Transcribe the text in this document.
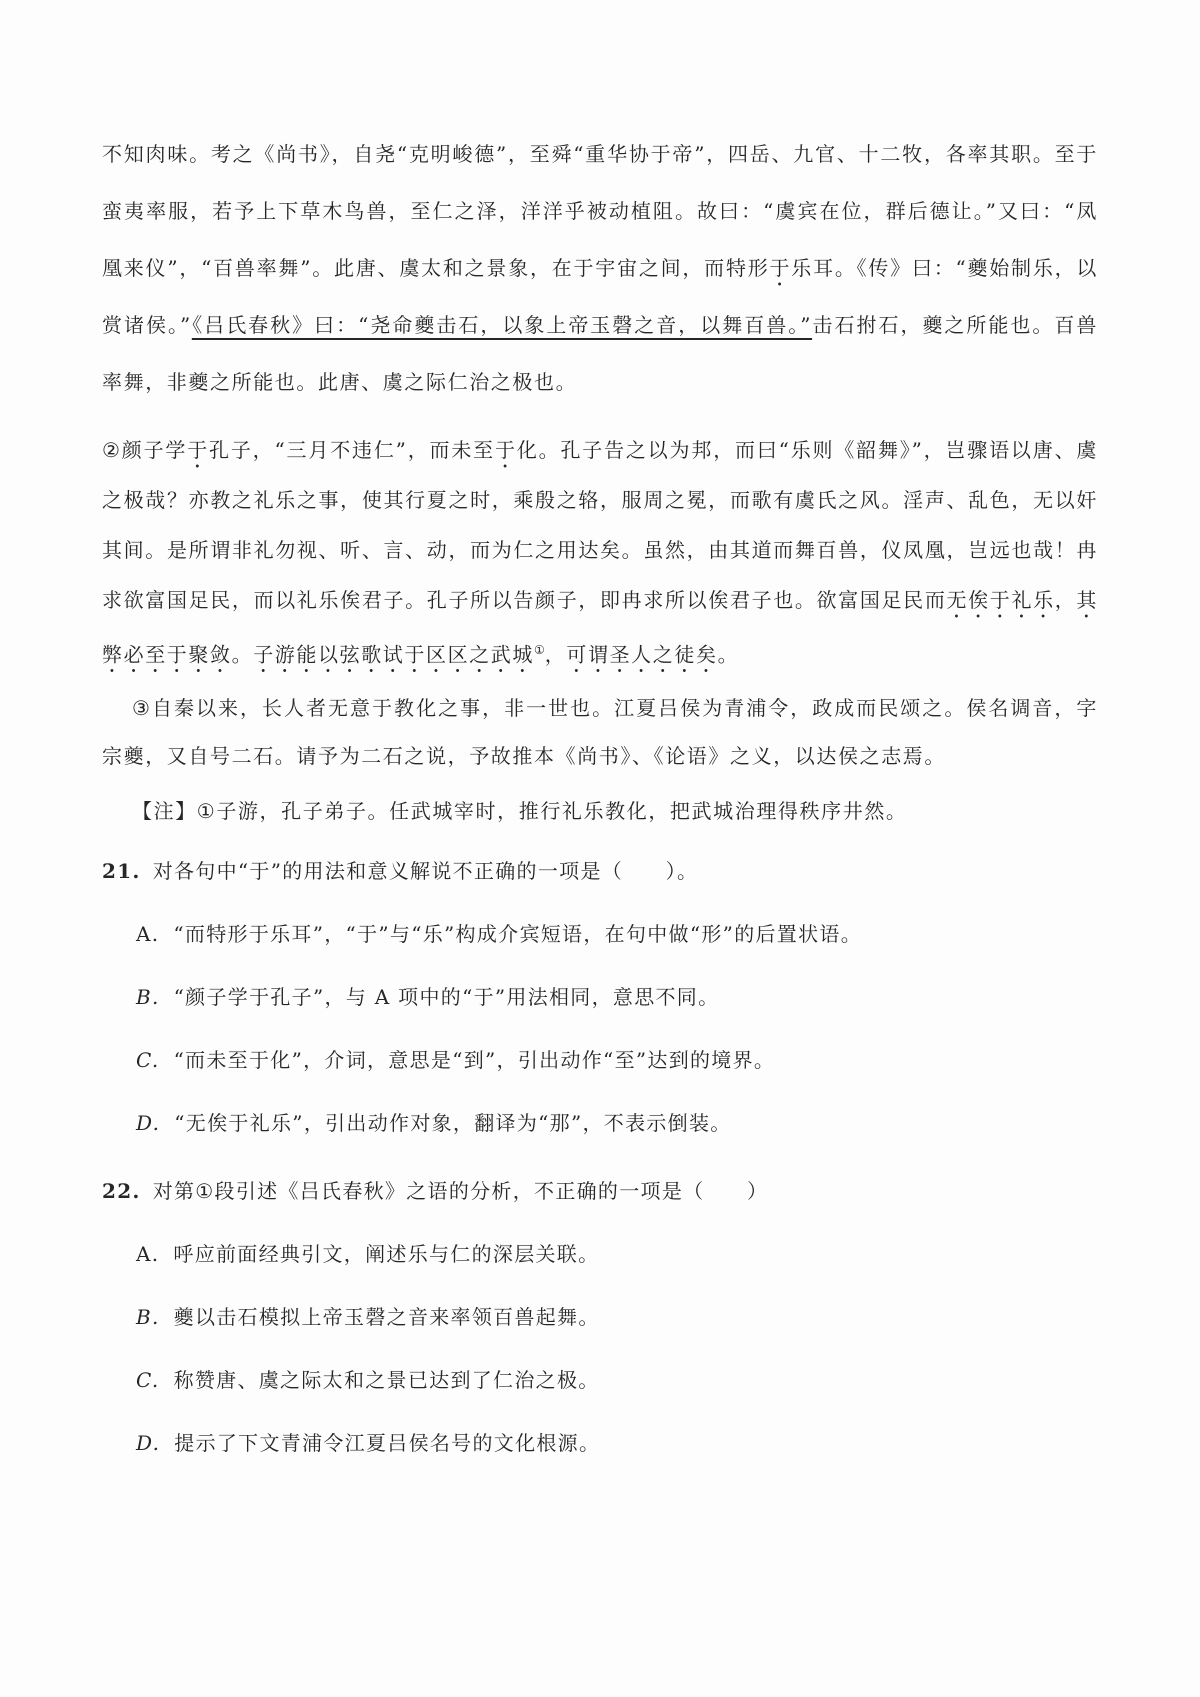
不知肉味。考之《尚书》，自尧“克明峻德”，至舜“重华协于帝”，四岳、九官、十二牧，各率其职。至于蛮夷率服，若予上下草木鸟兽，至仁之泽，洋洋乎被动植阻。故曰：“虞宾在位，群后德让。”又曰：“凤凰来仪”，“百兽率舞”。此唐、虞太和之景象，在于宇宙之间，而特形于乐耳。《传》曰：“夔始制乐，以赏诸侯。”《吕氏春秋》曰：“尧命夔击石，以象上帝玉磬之音，以舞百兽。”击石拊石，夔之所能也。百兽率舞，非夔之所能也。此唐、虞之际仁治之极也。

②颜子学于孔子，“三月不违仁”，而未至于化。孔子告之以为邦，而曰“乐则《韶舞》”，岂骤语以唐、虞之极哉？亦教之礼乐之事，使其行夏之时，乘殷之辂，服周之冕，而歌有虞氏之风。淫声、乱色，无以奸其间。是所谓非礼勿视、听、言、动，而为仁之用达矣。虽然，由其道而舞百兽，仪凤凰，岂远也哉！冉求欲富国足民，而以礼乐俟君子。孔子所以告颜子，即冉求所以俟君子也。欲富国足民而无俟于礼乐，其弊必至于聚敛。子游能以弦歌试于区区之武城①，可谓圣人之徒矣。

③自秦以来，长人者无意于教化之事，非一世也。江夏吕侯为青浦令，政成而民颂之。侯名调音，字宗夔，又自号二石。请予为二石之说，予故推本《尚书》、《论语》之义，以达侯之志焉。

【注】①子游，孔子弟子。任武城宰时，推行礼乐教化，把武城治理得秩序井然。

21. 对各句中“于”的用法和意义解说不正确的一项是（　　）。

A. “而特形于乐耳”，“于”与“乐”构成介宾短语，在句中做“形”的后置状语。

B. “颜子学于孔子”，与 A 项中的“于”用法相同，意思不同。

C. “而未至于化”，介词，意思是“到”，引出动作“至”达到的境界。

D. “无俟于礼乐”，引出动作对象，翻译为“那”，不表示倒装。

22. 对第①段引述《吕氏春秋》之语的分析，不正确的一项是（　　）

A. 呼应前面经典引文，阐述乐与仁的深层关联。

B. 夔以击石模拟上帝玉磬之音来率领百兽起舞。

C. 称赞唐、虞之际太和之景已达到了仁治之极。

D. 提示了下文青浦令江夏吕侯名号的文化根源。
